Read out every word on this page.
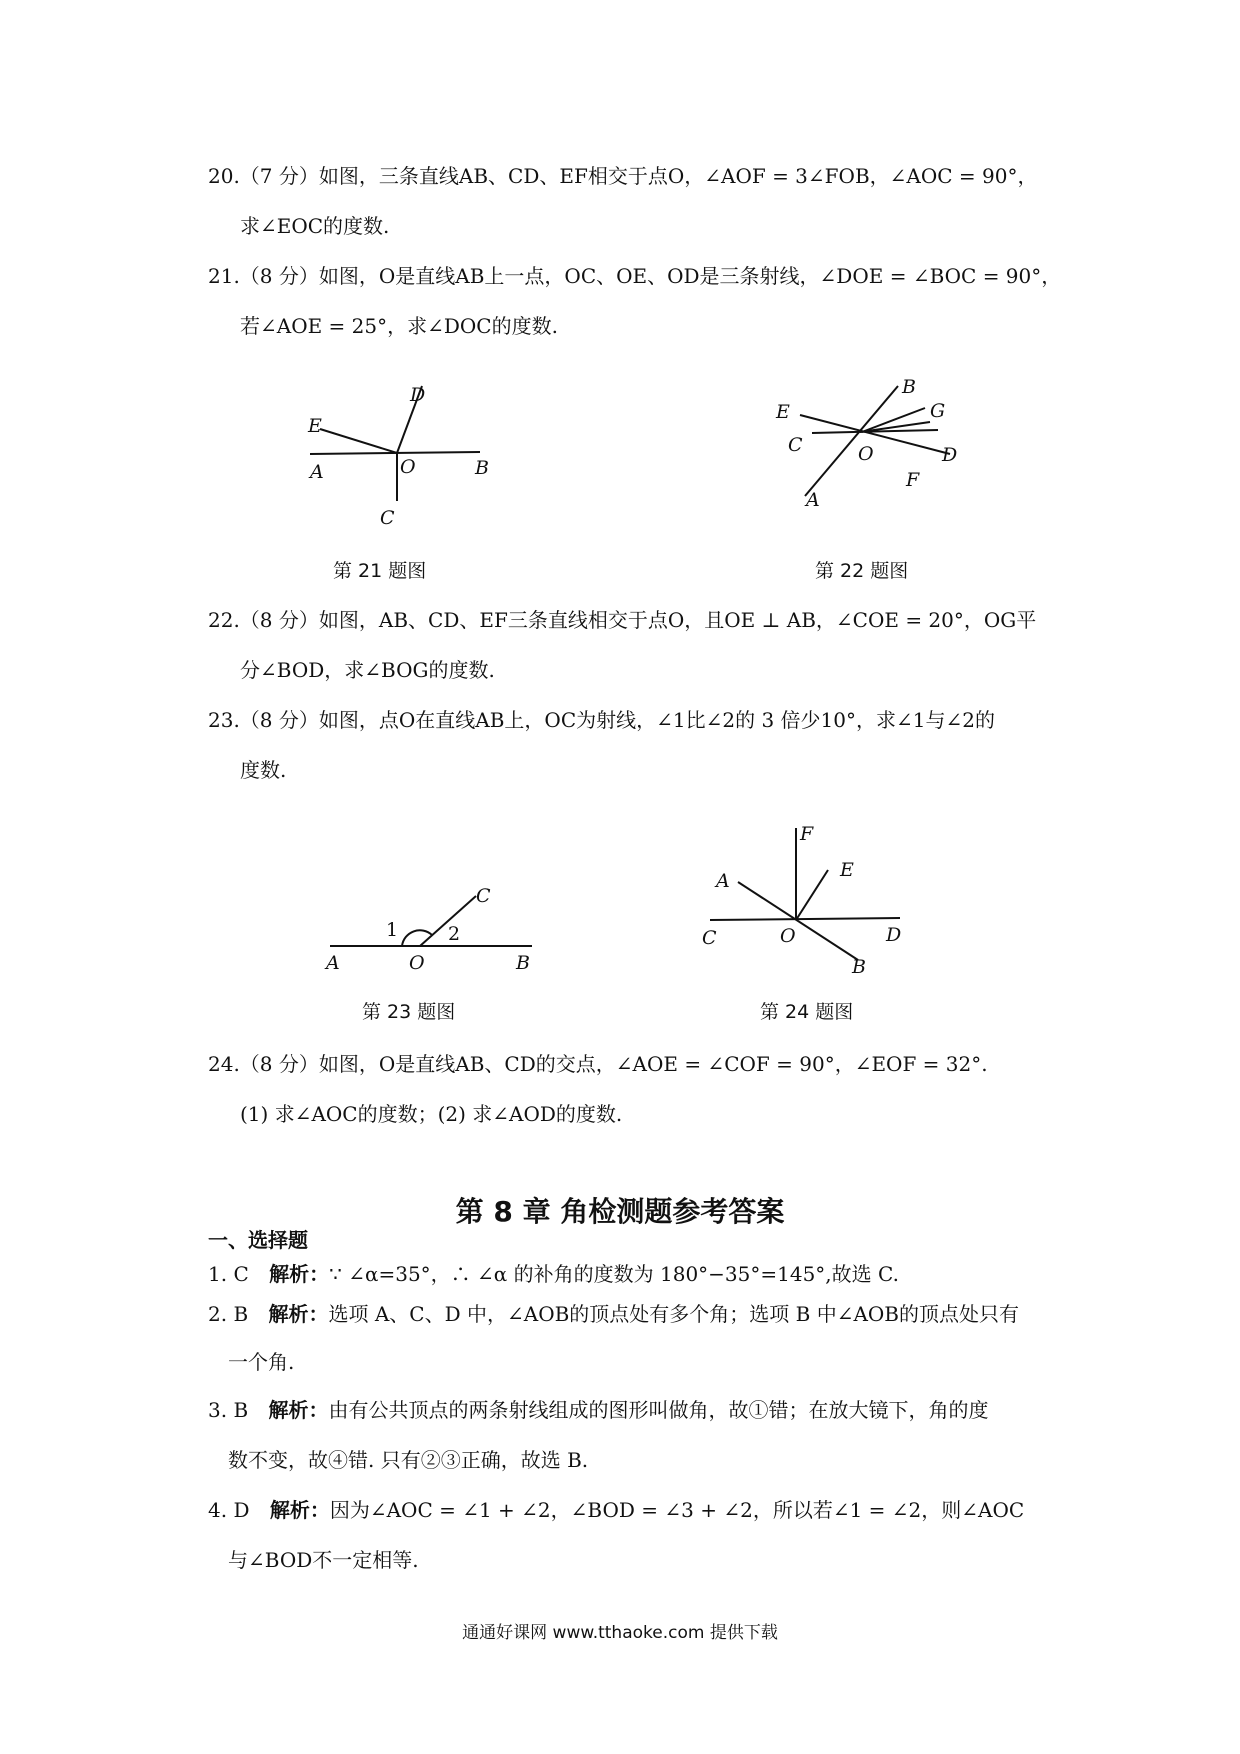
20.（7 分）如图，三条直线AB、CD、EF相交于点O，∠AOF = 3∠FOB，∠AOC = 90°，
求∠EOC的度数.
21.（8 分）如图，O是直线AB上一点，OC、OE、OD是三条射线，∠DOE = ∠BOC = 90°，
若∠AOE = 25°，求∠DOC的度数.
D
E
A	O	B
C
第 21 题图
B
E	G
C	O	D
F
A
第 22 题图
22.（8 分）如图，AB、CD、EF三条直线相交于点O，且OE ⊥ AB，∠COE = 20°，OG平
分∠BOD，求∠BOG的度数.
23.（8 分）如图，点O在直线AB上，OC为射线，∠1比∠2的 3 倍少10°，求∠1与∠2的
度数.
C
1	2
A	O	B
第 23 题图
F
E
A
C	O	D
B
第 24 题图
24.（8 分）如图，O是直线AB、CD的交点，∠AOE = ∠COF = 90°，∠EOF = 32°.
(1) 求∠AOC的度数；(2) 求∠AOD的度数.
第 8 章 角检测题参考答案
一、选择题
1. C 解析：∵ ∠α=35°，∴ ∠α 的补角的度数为 180°−35°=145°,故选 C.
2. B 解析：选项 A、C、D 中，∠AOB的顶点处有多个角；选项 B 中∠AOB的顶点处只有
一个角.
3. B 解析：由有公共顶点的两条射线组成的图形叫做角，故①错；在放大镜下，角的度
数不变，故④错. 只有②③正确，故选 B.
4. D 解析：因为∠AOC = ∠1 + ∠2，∠BOD = ∠3 + ∠2，所以若∠1 = ∠2，则∠AOC
与∠BOD不一定相等.
通通好课网 www.tthaoke.com 提供下载
